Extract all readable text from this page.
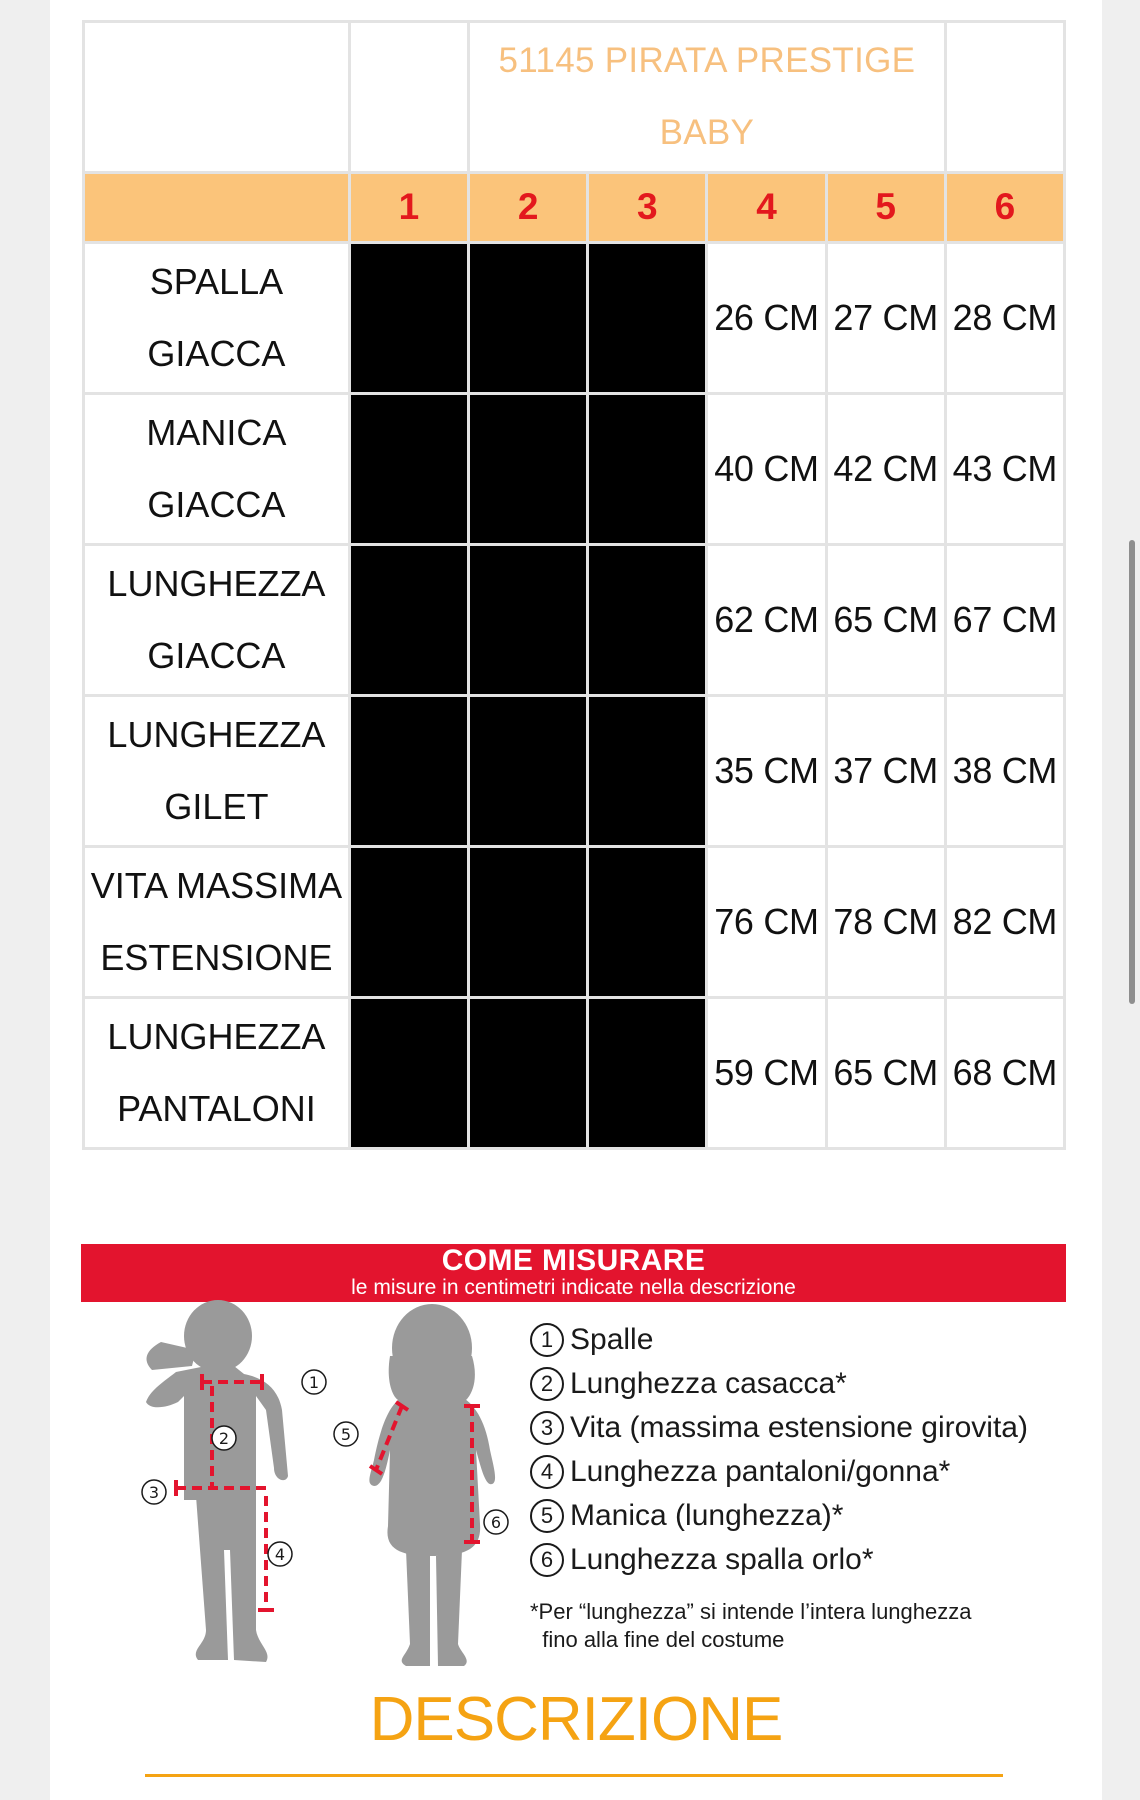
		51145 PIRATA PRESTIGE
BABY				
	1	2	3	4	5	6
SPALLA
GIACCA				26 CM	27 CM	28 CM
MANICA
GIACCA				40 CM	42 CM	43 CM
LUNGHEZZA
GIACCA				62 CM	65 CM	67 CM
LUNGHEZZA
GILET				35 CM	37 CM	38 CM
VITA MASSIMA
ESTENSIONE				76 CM	78 CM	82 CM
LUNGHEZZA
PANTALONI				59 CM	65 CM	68 CM
COME MISURARE
le misure in centimetri indicate nella descrizione
1
2
3
4
5
6
1 Spalle
2 Lunghezza casacca*
3 Vita (massima estensione girovita)
4 Lunghezza pantaloni/gonna*
5 Manica (lunghezza)*
6 Lunghezza spalla orlo*
*Per “lunghezza” si intende l’intera lunghezza
fino alla fine del costume
DESCRIZIONE
